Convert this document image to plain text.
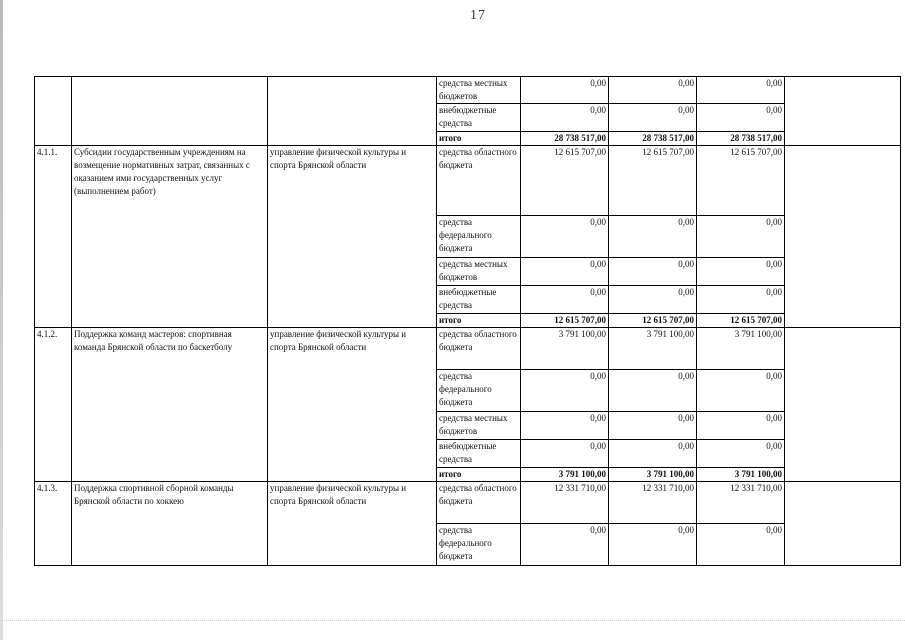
17
			средства местных бюджетов	0,00	0,00	0,00	
			внебюджетные средства	0,00	0,00	0,00	
			итого	28 738 517,00	28 738 517,00	28 738 517,00	
4.1.1.	Субсидии государственным учреждениям на возмещение нормативных затрат, связанных с оказанием ими государственных услуг (выполнением работ)	управление физической культуры и спорта Брянской области	средства областного бюджета	12 615 707,00	12 615 707,00	12 615 707,00	
			средства федерального бюджета	0,00	0,00	0,00	
			средства местных бюджетов	0,00	0,00	0,00	
			внебюджетные средства	0,00	0,00	0,00	
			итого	12 615 707,00	12 615 707,00	12 615 707,00	
4.1.2.	Поддержка команд мастеров: спортивная команда Брянской области по баскетболу	управление физической культуры и спорта Брянской области	средства областного бюджета	3 791 100,00	3 791 100,00	3 791 100,00	
			средства федерального бюджета	0,00	0,00	0,00	
			средства местных бюджетов	0,00	0,00	0,00	
			внебюджетные средства	0,00	0,00	0,00	
			итого	3 791 100,00	3 791 100,00	3 791 100,00	
4.1.3.	Поддержка спортивной сборной команды Брянской области по хоккею	управление физической культуры и спорта Брянской области	средства областного бюджета	12 331 710,00	12 331 710,00	12 331 710,00	
			средства федерального бюджета	0,00	0,00	0,00	
